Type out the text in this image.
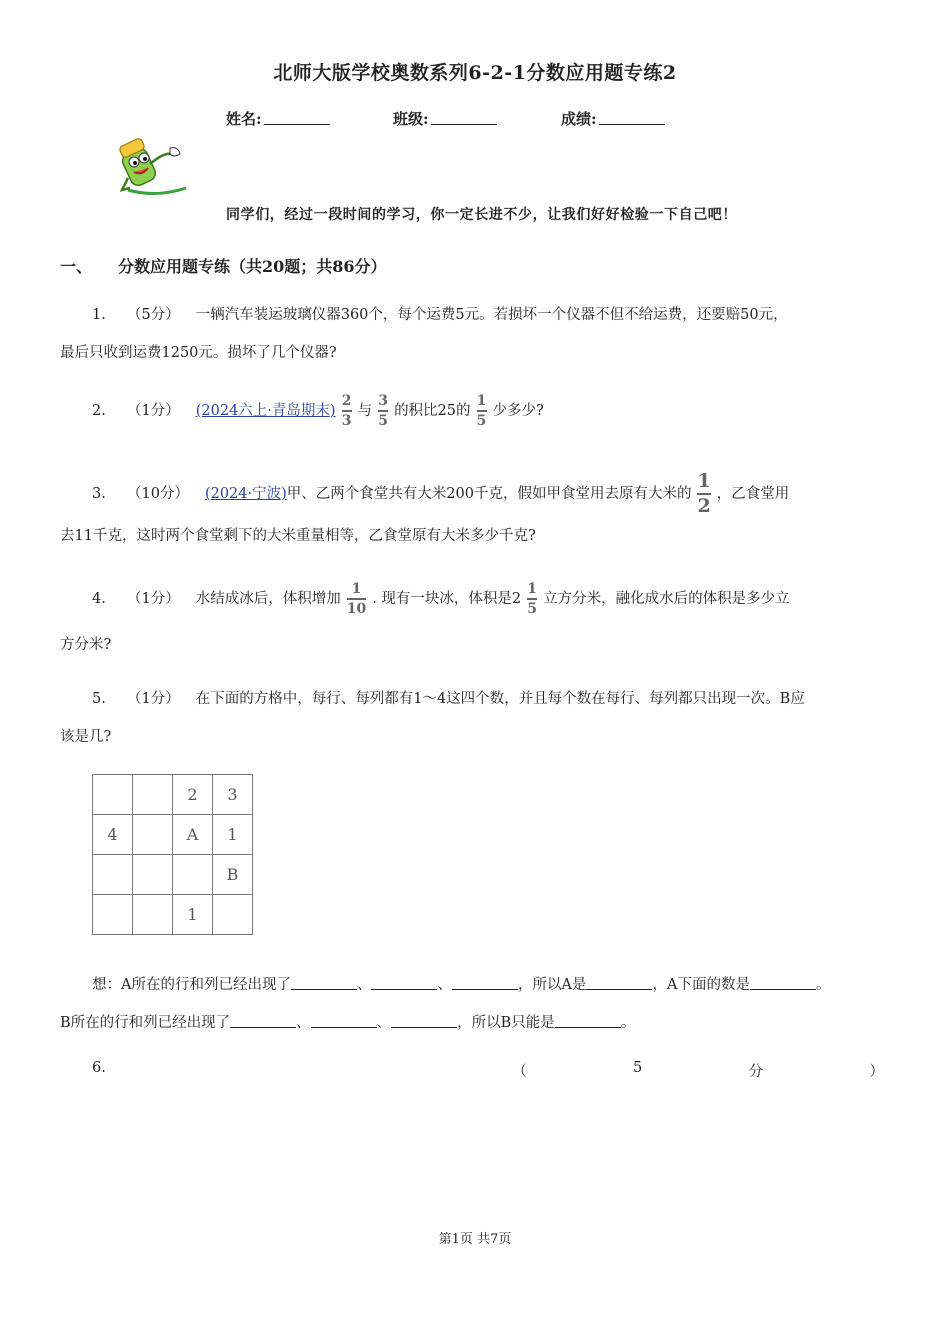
北师大版学校奥数系列6-2-1分数应用题专练2
姓名:	班级:	成绩:
同学们，经过一段时间的学习，你一定长进不少，让我们好好检验一下自己吧！
一、 分数应用题专练（共20题；共86分）
1. （5分） 一辆汽车装运玻璃仪器360个，每个运费5元。若损坏一个仪器不但不给运费，还要赔50元，
最后只收到运费1250元。损坏了几个仪器?
2. （1分） (2024六上·青岛期末) $\frac{2}{3}$ 与 $\frac{3}{5}$ 的积比25的 $\frac{1}{5}$ 少多少?
3. （10分） (2024·宁波)甲、乙两个食堂共有大米200千克，假如甲食堂用去原有大米的 $\frac{1}{2}$ ，乙食堂用
去11千克，这时两个食堂剩下的大米重量相等，乙食堂原有大米多少千克?
4. （1分） 水结成冰后，体积增加 $\frac{1}{10}$ . 现有一块冰，体积是$2 \frac{1}{5}$ 立方分米，融化成水后的体积是多少立
方分米?
5. （1分） 在下面的方格中，每行、每列都有1～4这四个数，并且每个数在每行、每列都只出现一次。B应
该是几?
		2	3
4		A	1
			B
		1	
想：A所在的行和列已经出现了	、	、	，所以A是	，A下面的数是	。
B所在的行和列已经出现了	、	、	，所以B只能是	。
6.	（	5	分	）
第1页 共7页
